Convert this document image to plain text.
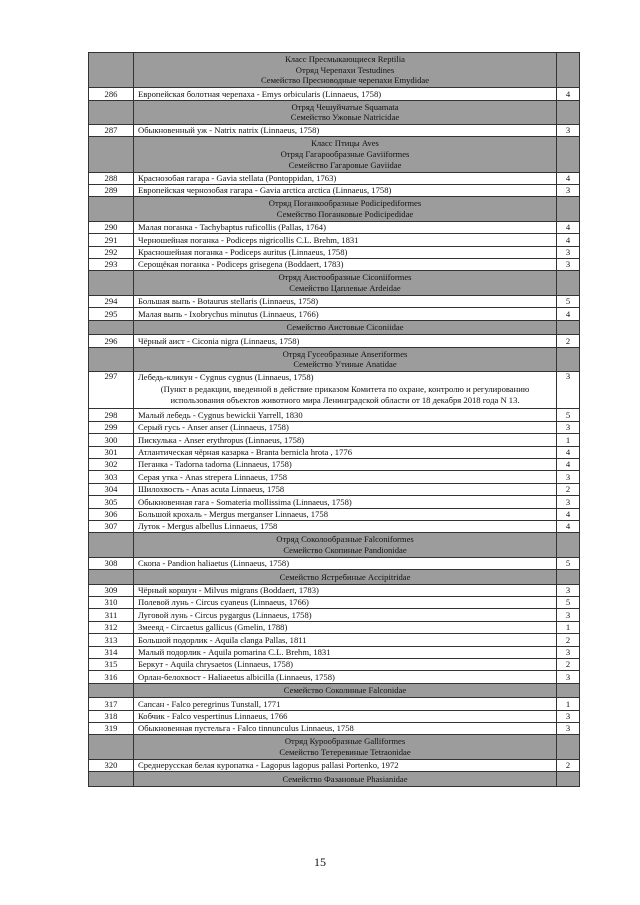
	Класс Пресмыкающиеся Reptilia
Отряд Черепахи Testudines
Семейство Пресноводные черепахи Emydidae	

286	Европейская болотная черепаха - Emys orbicularis (Linnaeus, 1758)	4

	Отряд Чешуйчатые Squamata
Семейство Ужовые Natricidae	

287	Обыкновенный уж - Natrix natrix (Linnaeus, 1758)	3

	Класс Птицы Aves
Отряд Гагарообразные Gaviiformes
Семейство Гагаровые Gaviidae	

288	Краснозобая гагара - Gavia stellata (Pontoppidan, 1763)	4
289	Европейская чернозобая гагара - Gavia arctica arctica (Linnaeus, 1758)	3

	Отряд Поганкообразные Podicipediformes
Семейство Поганковые Podicipedidae	

290	Малая поганка - Tachybaptus ruficollis (Pallas, 1764)	4
291	Черношейная поганка - Podiceps nigricollis C.L. Brehm, 1831	4
292	Красношейная поганка - Podiceps auritus (Linnaeus, 1758)	3
293	Серощёкая поганка - Podiceps grisegena (Boddaert, 1783)	3

	Отряд Аистообразные Ciconiiformes
Семейство Цаплевые Ardeidae	

294	Большая выпь - Botaurus stellaris (Linnaeus, 1758)	5
295	Малая выпь - Ixobrychus minutus (Linnaeus, 1766)	4

	Семейство Аистовые Ciconiidae	

296	Чёрный аист - Ciconia nigra (Linnaeus, 1758)	2

	Отряд Гусеобразные Anseriformes
Семейство Утиные Anatidae	

297	Лебедь-кликун - Cygnus cygnus (Linnaeus, 1758)
(Пункт в редакции, введенной в действие приказом Комитета по охране, контролю и регулированию использования объектов животного мира Ленинградской области от 18 декабря 2018 года N 13.	3
298	Малый лебедь - Cygnus bewickii Yarrell, 1830	5
299	Серый гусь - Anser anser (Linnaeus, 1758)	3
300	Пискулька - Anser erythropus (Linnaeus, 1758)	1
301	Атлантическая чёрная казарка - Branta bernicla hrota , 1776	4
302	Пеганка - Tadorna tadorna (Linnaeus, 1758)	4
303	Серая утка - Anas strepera Linnaeus, 1758	3
304	Шилохвость - Anas acuta Linnaeus, 1758	2
305	Обыкновенная гага - Somateria mollissima (Linnaeus, 1758)	3
306	Большой крохаль - Mergus merganser Linnaeus, 1758	4
307	Луток - Mergus albellus Linnaeus, 1758	4

	Отряд Соколообразные Falconiformes
Семейство Скопиные Pandionidae	

308	Скопа - Pandion haliaetus (Linnaeus, 1758)	5

	Семейство Ястребиные Accipitridae	

309	Чёрный коршун - Milvus migrans (Boddaert, 1783)	3
310	Полевой лунь - Circus cyaneus (Linnaeus, 1766)	5
311	Луговой лунь - Circus pygargus (Linnaeus, 1758)	3
312	Змееяд - Circaetus gallicus (Gmelin, 1788)	1
313	Большой подорлик - Aquila clanga Pallas, 1811	2
314	Малый подорлик - Aquila pomarina C.L. Brehm, 1831	3
315	Беркут - Aquila chrysaetos (Linnaeus, 1758)	2
316	Орлан-белохвост - Haliaeetus albicilla (Linnaeus, 1758)	3

	Семейство Соколиные Falconidae	

317	Сапсан - Falco peregrinus Tunstall, 1771	1
318	Кобчик - Falco vespertinus Linnaeus, 1766	3
319	Обыкновенная пустельга - Falco tinnunculus Linnaeus, 1758	3

	Отряд Курообразные Galliformes
Семейство Тетеревиные Tetraonidae	

320	Среднерусская белая куропатка - Lagopus lagopus pallasi Portenko, 1972	2

	Семейство Фазановые Phasianidae	

15
